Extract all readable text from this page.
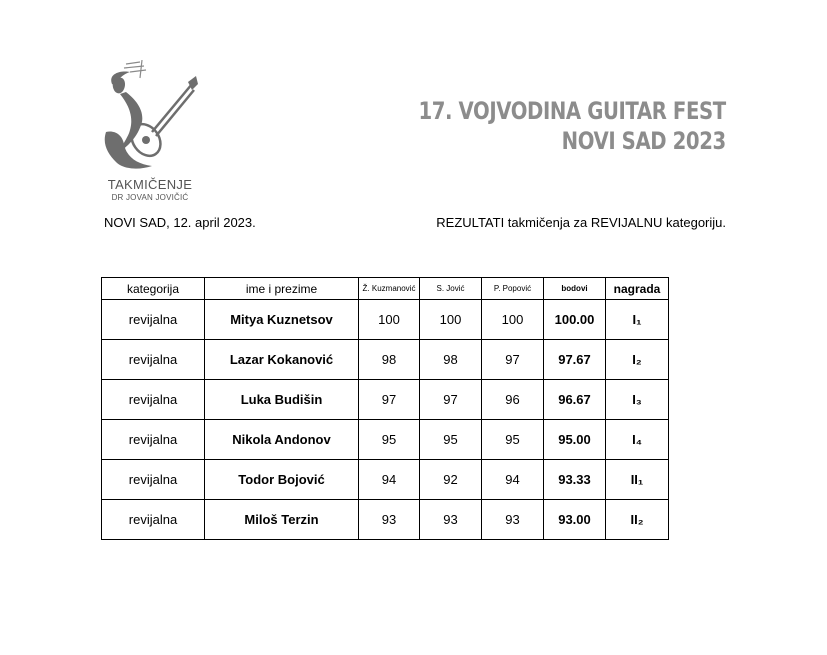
TAKMIČENJE
DR JOVAN JOVIČIĆ
17. VOJVODINA GUITAR FEST
NOVI SAD 2023
NOVI SAD, 12. april 2023.	REZULTATI takmičenja za REVIJALNU kategoriju.
kategorija	ime i prezime	Ž. Kuzmanović	S. Jović	P. Popović	bodovi	nagrada
revijalna	Mitya Kuznetsov	100	100	100	100.00	I₁
revijalna	Lazar Kokanović	98	98	97	97.67	I₂
revijalna	Luka Budišin	97	97	96	96.67	I₃
revijalna	Nikola Andonov	95	95	95	95.00	I₄
revijalna	Todor Bojović	94	92	94	93.33	II₁
revijalna	Miloš Terzin	93	93	93	93.00	II₂
